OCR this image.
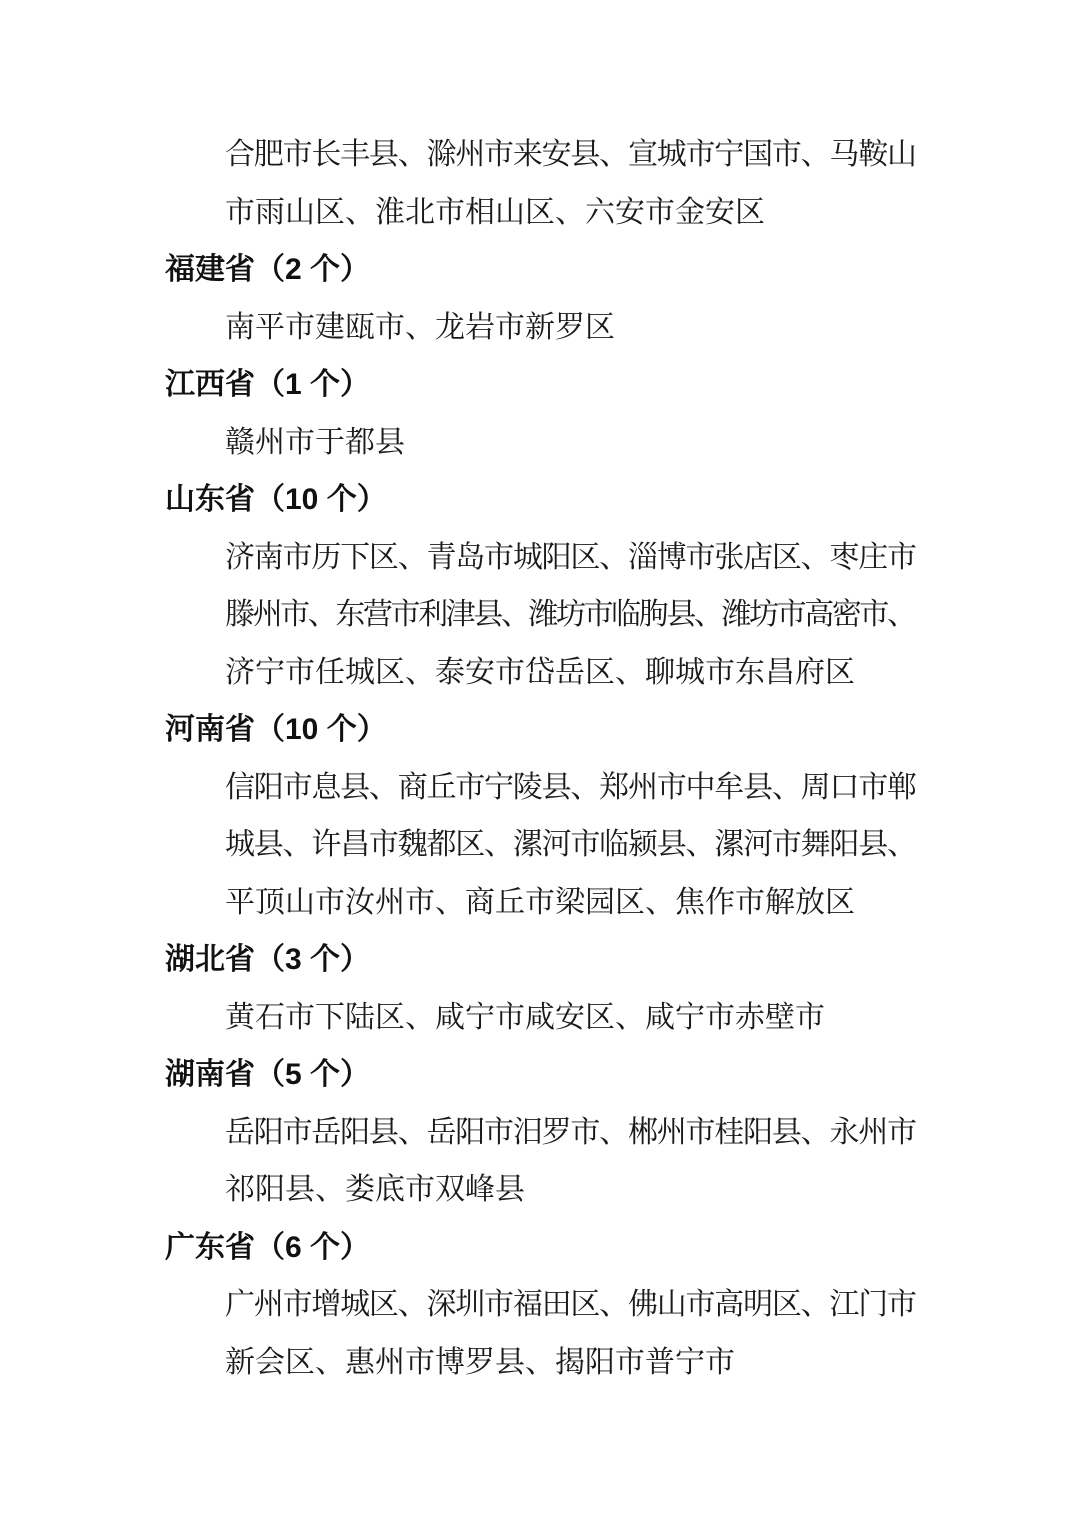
合肥市长丰县、滁州市来安县、宣城市宁国市、马鞍山
市雨山区、淮北市相山区、六安市金安区
福建省（2 个）
南平市建瓯市、龙岩市新罗区
江西省（1 个）
赣州市于都县
山东省（10 个）
济南市历下区、青岛市城阳区、淄博市张店区、枣庄市
滕州市、东营市利津县、潍坊市临朐县、潍坊市高密市、
济宁市任城区、泰安市岱岳区、聊城市东昌府区
河南省（10 个）
信阳市息县、商丘市宁陵县、郑州市中牟县、周口市郸
城县、许昌市魏都区、漯河市临颍县、漯河市舞阳县、
平顶山市汝州市、商丘市梁园区、焦作市解放区
湖北省（3 个）
黄石市下陆区、咸宁市咸安区、咸宁市赤壁市
湖南省（5 个）
岳阳市岳阳县、岳阳市汨罗市、郴州市桂阳县、永州市
祁阳县、娄底市双峰县
广东省（6 个）
广州市增城区、深圳市福田区、佛山市高明区、江门市
新会区、惠州市博罗县、揭阳市普宁市
